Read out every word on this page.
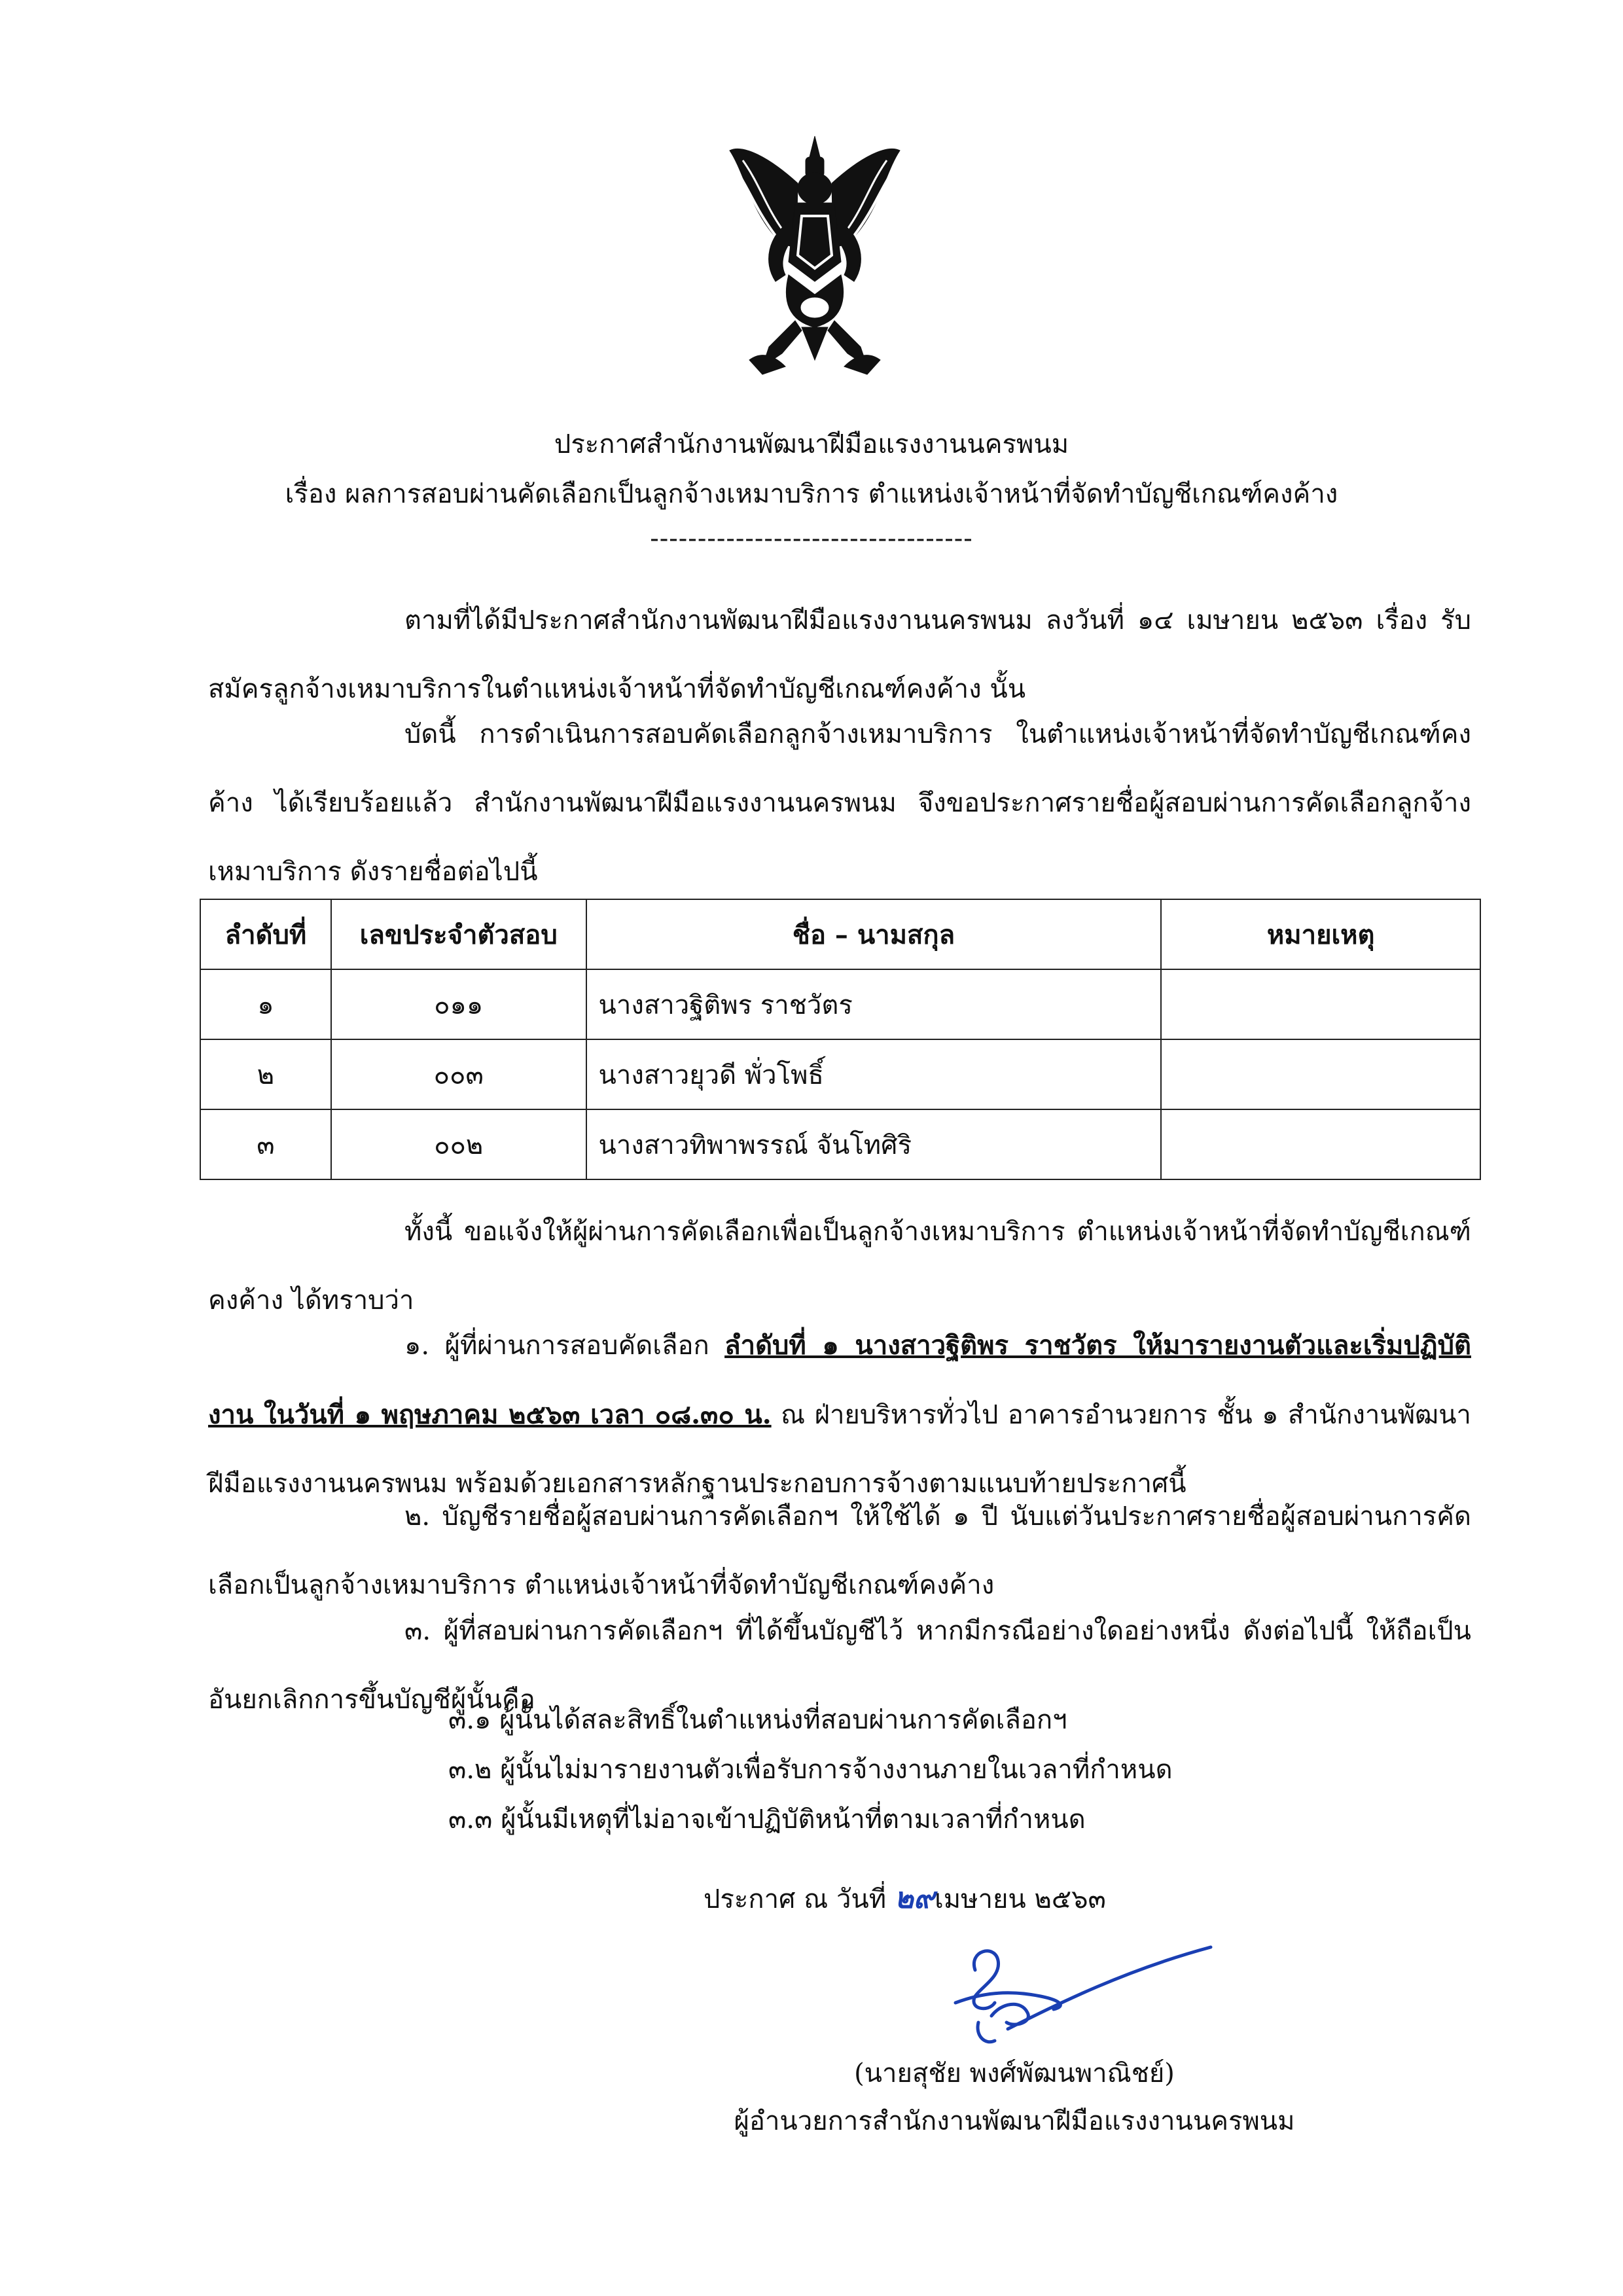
ประกาศสำนักงานพัฒนาฝีมือแรงงานนครพนม
เรื่อง ผลการสอบผ่านคัดเลือกเป็นลูกจ้างเหมาบริการ ตำแหน่งเจ้าหน้าที่จัดทำบัญชีเกณฑ์คงค้าง
----------------------------------
ตามที่ได้มีประกาศสำนักงานพัฒนาฝีมือแรงงานนครพนม ลงวันที่ ๑๔ เมษายน ๒๕๖๓ เรื่อง รับสมัครลูกจ้างเหมาบริการในตำแหน่งเจ้าหน้าที่จัดทำบัญชีเกณฑ์คงค้าง นั้น
บัดนี้ การดำเนินการสอบคัดเลือกลูกจ้างเหมาบริการ ในตำแหน่งเจ้าหน้าที่จัดทำบัญชีเกณฑ์คงค้าง ได้เรียบร้อยแล้ว สำนักงานพัฒนาฝีมือแรงงานนครพนม จึงขอประกาศรายชื่อผู้สอบผ่านการคัดเลือกลูกจ้างเหมาบริการ ดังรายชื่อต่อไปนี้
ลำดับที่	เลขประจำตัวสอบ	ชื่อ – นามสกุล	หมายเหตุ
๑	๐๑๑	นางสาวฐิติพร ราชวัตร	
๒	๐๐๓	นางสาวยุวดี พั่วโพธิ์	
๓	๐๐๒	นางสาวทิพาพรรณ์ จันโทศิริ	
ทั้งนี้ ขอแจ้งให้ผู้ผ่านการคัดเลือกเพื่อเป็นลูกจ้างเหมาบริการ ตำแหน่งเจ้าหน้าที่จัดทำบัญชีเกณฑ์คงค้าง ได้ทราบว่า
๑. ผู้ที่ผ่านการสอบคัดเลือก ลำดับที่ ๑ นางสาวฐิติพร ราชวัตร ให้มารายงานตัวและเริ่มปฏิบัติงาน ในวันที่ ๑ พฤษภาคม ๒๕๖๓ เวลา ๐๘.๓๐ น. ณ ฝ่ายบริหารทั่วไป อาคารอำนวยการ ชั้น ๑ สำนักงานพัฒนาฝีมือแรงงานนครพนม พร้อมด้วยเอกสารหลักฐานประกอบการจ้างตามแนบท้ายประกาศนี้
๒. บัญชีรายชื่อผู้สอบผ่านการคัดเลือกฯ ให้ใช้ได้ ๑ ปี นับแต่วันประกาศรายชื่อผู้สอบผ่านการคัดเลือกเป็นลูกจ้างเหมาบริการ ตำแหน่งเจ้าหน้าที่จัดทำบัญชีเกณฑ์คงค้าง
๓. ผู้ที่สอบผ่านการคัดเลือกฯ ที่ได้ขึ้นบัญชีไว้ หากมีกรณีอย่างใดอย่างหนึ่ง ดังต่อไปนี้ ให้ถือเป็นอันยกเลิกการขึ้นบัญชีผู้นั้นคือ
๓.๑ ผู้นั้นได้สละสิทธิ์ในตำแหน่งที่สอบผ่านการคัดเลือกฯ
๓.๒ ผู้นั้นไม่มารายงานตัวเพื่อรับการจ้างงานภายในเวลาที่กำหนด
๓.๓ ผู้นั้นมีเหตุที่ไม่อาจเข้าปฏิบัติหน้าที่ตามเวลาที่กำหนด
ประกาศ ณ วันที่ ๒๙เมษายน ๒๕๖๓
(นายสุชัย พงศ์พัฒนพาณิชย์)
ผู้อำนวยการสำนักงานพัฒนาฝีมือแรงงานนครพนม
